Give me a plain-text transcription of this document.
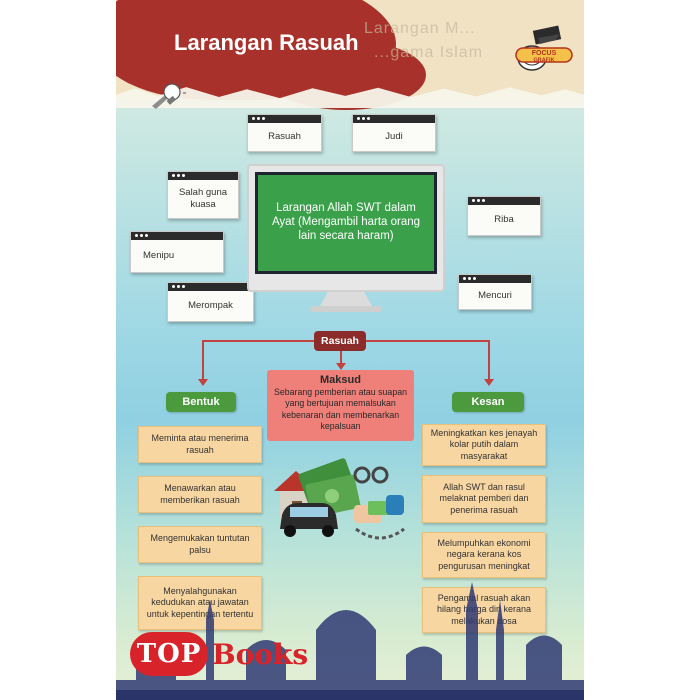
Larangan M...
...gama Islam
Larangan Rasuah	FOCUS
GRAFIK
Rasuah	Judi
Salah guna kuasa
Riba
Menipu
Merompak
Mencuri
Larangan Allah SWT dalam Ayat (Mengambil harta orang lain secara haram)
Rasuah
Maksud
Sebarang pemberian atau suapan yang bertujuan memalsukan kebenaran dan membenarkan kepalsuan
Bentuk	Kesan
Meminta atau menerima rasuah
Menawarkan atau memberikan rasuah
Mengemukakan tuntutan palsu
Menyalahgunakan kedudukan atau jawatan untuk kepentingan tertentu
Meningkatkan kes jenayah kolar putih dalam masyarakat
Allah SWT dan rasul melaknat pemberi dan penerima rasuah
Melumpuhkan ekonomi negara kerana kos pengurusan meningkat
Pengamal rasuah akan hilang harga diri kerana melakukan dosa
TOP Books
